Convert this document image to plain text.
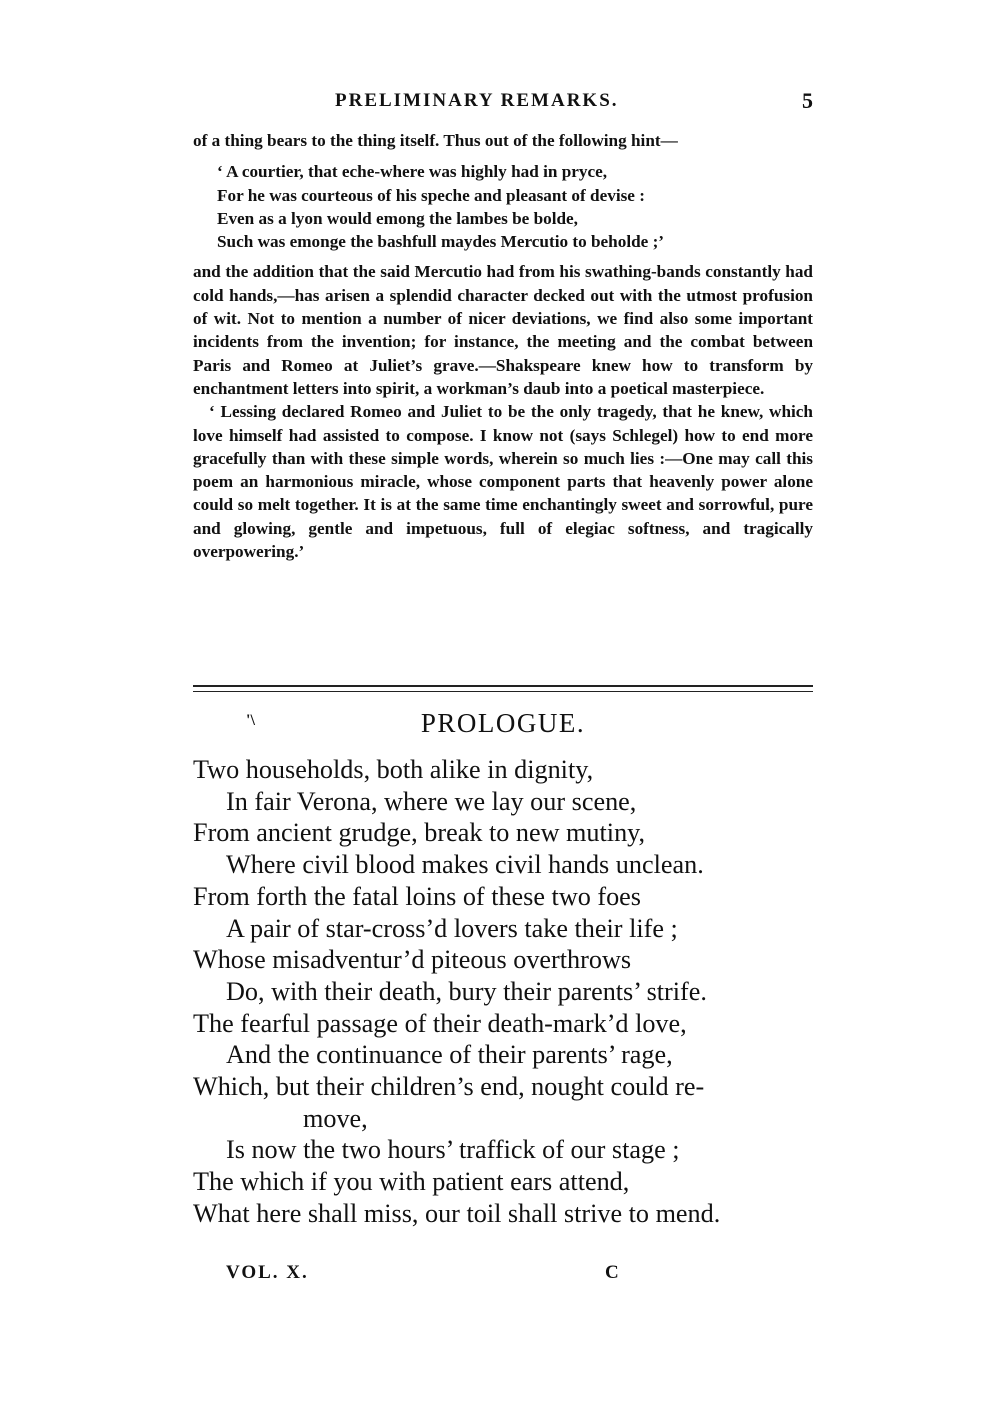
PRELIMINARY REMARKS.	5

of a thing bears to the thing itself. Thus out of the following hint—

‘ A courtier, that eche-where was highly had in pryce,
For he was courteous of his speche and pleasant of devise :
Even as a lyon would emong the lambes be bolde,
Such was emonge the bashfull maydes Mercutio to beholde ;’

and the addition that the said Mercutio had from his swathing-bands constantly had cold hands,—has arisen a splendid character decked out with the utmost profusion of wit. Not to mention a number of nicer deviations, we find also some important incidents from the invention; for instance, the meeting and the combat between Paris and Romeo at Juliet’s grave.—Shakspeare knew how to transform by enchantment letters into spirit, a workman’s daub into a poetical masterpiece.

‘ Lessing declared Romeo and Juliet to be the only tragedy, that he knew, which love himself had assisted to compose. I know not (says Schlegel) how to end more gracefully than with these simple words, wherein so much lies :—One may call this poem an harmonious miracle, whose component parts that heavenly power alone could so melt together. It is at the same time enchantingly sweet and sorrowful, pure and glowing, gentle and impetuous, full of elegiac softness, and tragically overpowering.’

'\	PROLOGUE.
Two households, both alike in dignity,
In fair Verona, where we lay our scene,
From ancient grudge, break to new mutiny,
Where civil blood makes civil hands unclean.
From forth the fatal loins of these two foes
A pair of star-cross’d lovers take their life ;
Whose misadventur’d piteous overthrows
Do, with their death, bury their parents’ strife.
The fearful passage of their death-mark’d love,
And the continuance of their parents’ rage,
Which, but their children’s end, nought could re-
move,
Is now the two hours’ traffick of our stage ;
The which if you with patient ears attend,
What here shall miss, our toil shall strive to mend.
VOL. X.	C
